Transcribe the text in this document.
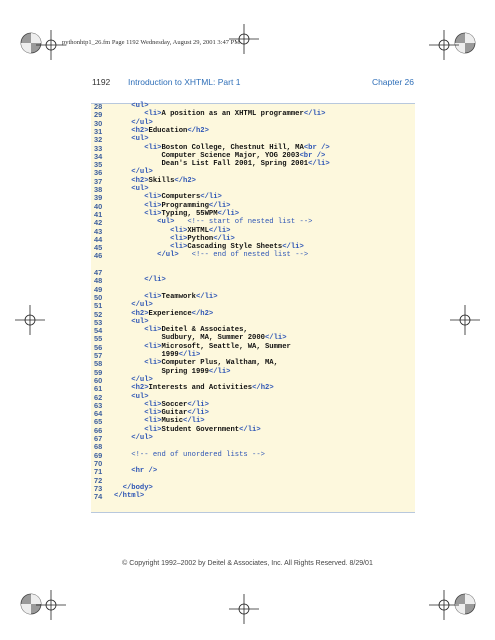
pythonhtp1_26.fm Page 1192 Wednesday, August 29, 2001 3:47 PM
1192 Introduction to XHTML: Part 1	Chapter 26
28	<ul>
29	<li>A position as an XHTML programmer</li>
30	</ul>
31	<h2>Education</h2>
32	<ul>
33	<li>Boston College, Chestnut Hill, MA<br />
34	Computer Science Major, YOG 2003<br />
35	Dean's List Fall 2001, Spring 2001</li>
36	</ul>
37	<h2>Skills</h2>
38	<ul>
39	<li>Computers</li>
40	<li>Programming</li>
41	<li>Typing, 55WPM</li>
42	<ul> <!-- start of nested list -->
43	<li>XHTML</li>
44	<li>Python</li>
45	<li>Cascading Style Sheets</li>
46	</ul> <!-- end of nested list -->
47
48	</li>
49
50	<li>Teamwork</li>
51	</ul>
52	<h2>Experience</h2>
53	<ul>
54	<li>Deitel & Associates,
55	Sudbury, MA, Summer 2000</li>
56	<li>Microsoft, Seattle, WA, Summer
57	1999</li>
58	<li>Computer Plus, Waltham, MA,
59	Spring 1999</li>
60	</ul>
61	<h2>Interests and Activities</h2>
62	<ul>
63	<li>Soccer</li>
64	<li>Guitar</li>
65	<li>Music</li>
66	<li>Student Government</li>
67	</ul>
68
69	<!-- end of unordered lists -->
70
71	<hr />
72
73	</body>
74 </html>
© Copyright 1992–2002 by Deitel & Associates, Inc. All Rights Reserved. 8/29/01
